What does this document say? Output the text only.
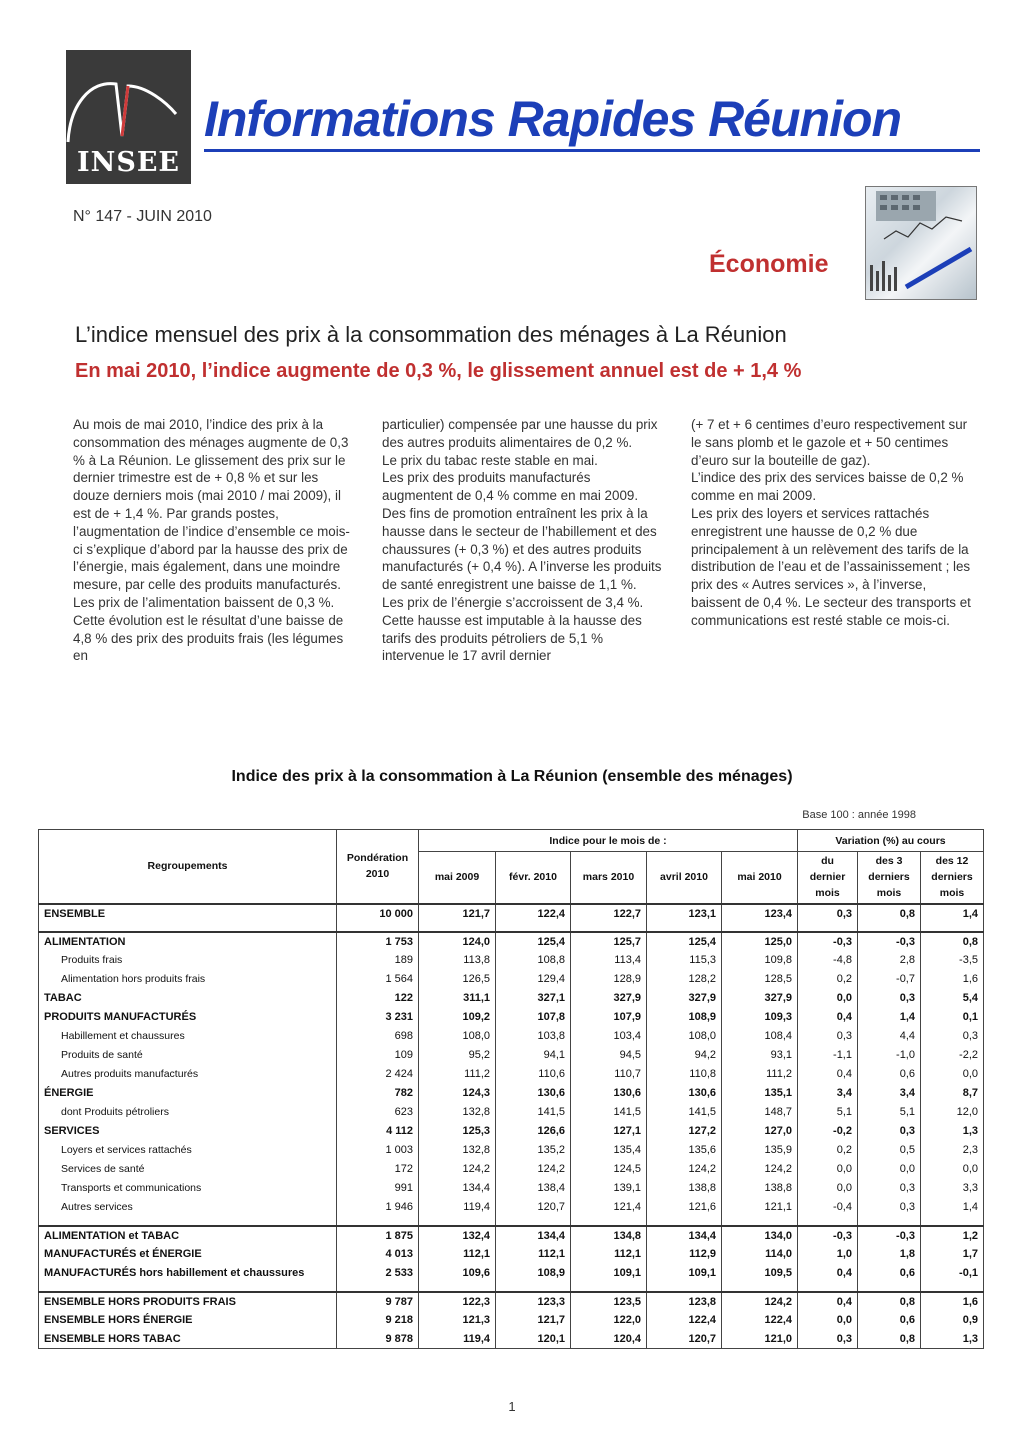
INSEE
Informations Rapides Réunion
N° 147 - JUIN 2010
Économie
L’indice mensuel des prix à la consommation des ménages à La Réunion
En mai 2010, l’indice augmente de 0,3 %, le glissement annuel est de + 1,4 %

Au mois de mai 2010, l’indice des prix à la consommation des ménages augmente de 0,3 % à La Réunion. Le glissement des prix sur le dernier trimestre est de + 0,8 % et sur les douze derniers mois (mai 2010 / mai 2009), il est de + 1,4 %. Par grands postes, l’augmentation de l’indice d’ensemble ce mois-ci s’explique d’abord par la hausse des prix de l’énergie, mais également, dans une moindre mesure, par celle des produits manufacturés.

Les prix de l’alimentation baissent de 0,3 %. Cette évolution est le résultat d’une baisse de 4,8 % des prix des produits frais (les légumes en

particulier) compensée par une hausse du prix des autres produits alimentaires de 0,2 %.

Le prix du tabac reste stable en mai.

Les prix des produits manufacturés augmentent de 0,4 % comme en mai 2009. Des fins de promotion entraînent les prix à la hausse dans le secteur de l’habillement et des chaussures (+ 0,3 %) et des autres produits manufacturés (+ 0,4 %). A l’inverse les produits de santé enregistrent une baisse de 1,1 %.

Les prix de l’énergie s’accroissent de 3,4 %. Cette hausse est imputable à la hausse des tarifs des produits pétroliers de 5,1 % intervenue le 17 avril dernier

(+ 7 et + 6 centimes d’euro respectivement sur le sans plomb et le gazole et + 50 centimes d’euro sur la bouteille de gaz).

L’indice des prix des services baisse de 0,2 % comme en mai 2009.

Les prix des loyers et services rattachés enregistrent une hausse de 0,2 % due principalement à un relèvement des tarifs de la distribution de l’eau et de l’assainissement ; les prix des « Autres services », à l’inverse, baissent de 0,4 %. Le secteur des transports et communications est resté stable ce mois-ci.

Indice des prix à la consommation à La Réunion (ensemble des ménages)
Base 100 : année 1998
Regroupements	Pondération 2010	Indice pour le mois de :					Variation (%) au cours		
		mai 2009	févr. 2010	mars 2010	avril 2010	mai 2010	du dernier mois	des 3 derniers mois	des 12 derniers mois
ENSEMBLE	10 000	121,7	122,4	122,7	123,1	123,4	0,3	0,8	1,4

ALIMENTATION	1 753	124,0	125,4	125,7	125,4	125,0	-0,3	-0,3	0,8
Produits frais	189	113,8	108,8	113,4	115,3	109,8	-4,8	2,8	-3,5
Alimentation hors produits frais	1 564	126,5	129,4	128,9	128,2	128,5	0,2	-0,7	1,6
TABAC	122	311,1	327,1	327,9	327,9	327,9	0,0	0,3	5,4
PRODUITS MANUFACTURÉS	3 231	109,2	107,8	107,9	108,9	109,3	0,4	1,4	0,1
Habillement et chaussures	698	108,0	103,8	103,4	108,0	108,4	0,3	4,4	0,3
Produits de santé	109	95,2	94,1	94,5	94,2	93,1	-1,1	-1,0	-2,2
Autres produits manufacturés	2 424	111,2	110,6	110,7	110,8	111,2	0,4	0,6	0,0
ÉNERGIE	782	124,3	130,6	130,6	130,6	135,1	3,4	3,4	8,7
dont Produits pétroliers	623	132,8	141,5	141,5	141,5	148,7	5,1	5,1	12,0
SERVICES	4 112	125,3	126,6	127,1	127,2	127,0	-0,2	0,3	1,3
Loyers et services rattachés	1 003	132,8	135,2	135,4	135,6	135,9	0,2	0,5	2,3
Services de santé	172	124,2	124,2	124,5	124,2	124,2	0,0	0,0	0,0
Transports et communications	991	134,4	138,4	139,1	138,8	138,8	0,0	0,3	3,3
Autres services	1 946	119,4	120,7	121,4	121,6	121,1	-0,4	0,3	1,4

ALIMENTATION et TABAC	1 875	132,4	134,4	134,8	134,4	134,0	-0,3	-0,3	1,2
MANUFACTURÉS et ÉNERGIE	4 013	112,1	112,1	112,1	112,9	114,0	1,0	1,8	1,7
MANUFACTURÉS hors habillement et chaussures	2 533	109,6	108,9	109,1	109,1	109,5	0,4	0,6	-0,1

ENSEMBLE HORS PRODUITS FRAIS	9 787	122,3	123,3	123,5	123,8	124,2	0,4	0,8	1,6
ENSEMBLE HORS ÉNERGIE	9 218	121,3	121,7	122,0	122,4	122,4	0,0	0,6	0,9
ENSEMBLE HORS TABAC	9 878	119,4	120,1	120,4	120,7	121,0	0,3	0,8	1,3
1
